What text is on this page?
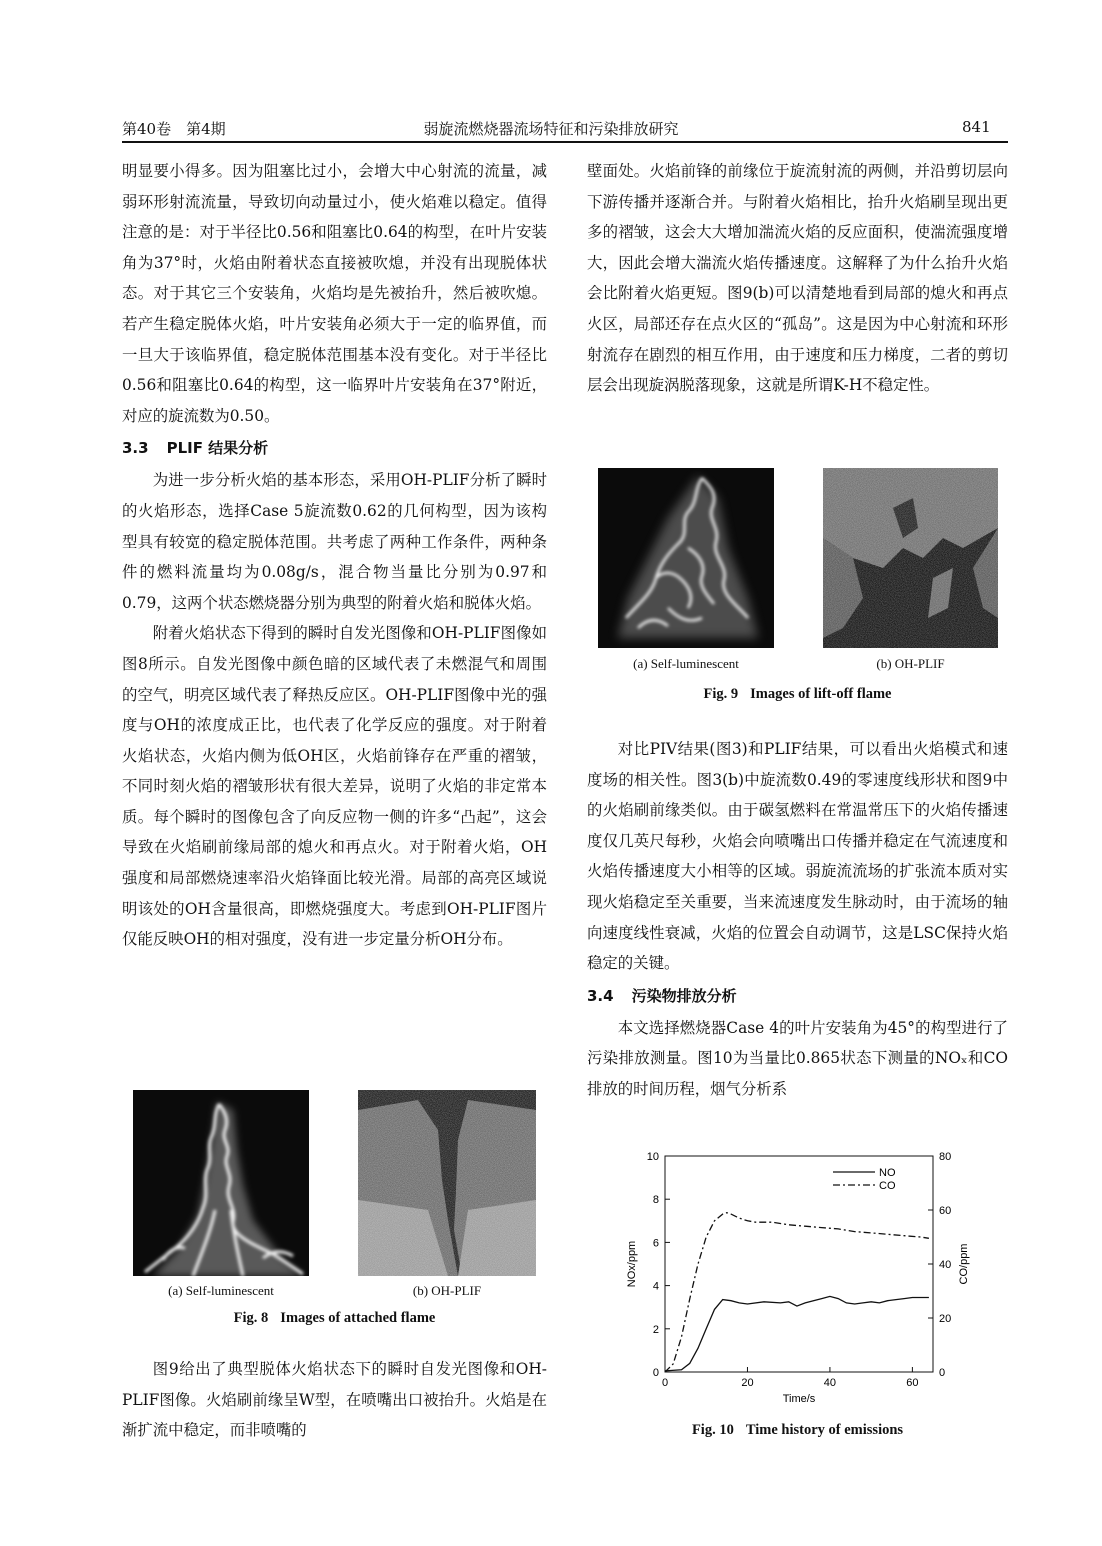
第40卷　第4期	弱旋流燃烧器流场特征和污染排放研究	841

明显要小得多。因为阻塞比过小，会增大中心射流的流量，减弱环形射流流量，导致切向动量过小，使火焰难以稳定。值得注意的是：对于半径比0.56和阻塞比0.64的构型，在叶片安装角为37°时，火焰由附着状态直接被吹熄，并没有出现脱体状态。对于其它三个安装角，火焰均是先被抬升，然后被吹熄。若产生稳定脱体火焰，叶片安装角必须大于一定的临界值，而一旦大于该临界值，稳定脱体范围基本没有变化。对于半径比0.56和阻塞比0.64的构型，这一临界叶片安装角在37°附近，对应的旋流数为0.50。

3.3 PLIF 结果分析

为进一步分析火焰的基本形态，采用OH-PLIF分析了瞬时的火焰形态，选择Case 5旋流数0.62的几何构型，因为该构型具有较宽的稳定脱体范围。共考虑了两种工作条件，两种条件的燃料流量均为0.08g/s，混合物当量比分别为0.97和0.79，这两个状态燃烧器分别为典型的附着火焰和脱体火焰。

附着火焰状态下得到的瞬时自发光图像和OH-PLIF图像如图8所示。自发光图像中颜色暗的区域代表了未燃混气和周围的空气，明亮区域代表了释热反应区。OH-PLIF图像中光的强度与OH的浓度成正比，也代表了化学反应的强度。对于附着火焰状态，火焰内侧为低OH区，火焰前锋存在严重的褶皱，不同时刻火焰的褶皱形状有很大差异，说明了火焰的非定常本质。每个瞬时的图像包含了向反应物一侧的许多“凸起”，这会导致在火焰刷前缘局部的熄火和再点火。对于附着火焰，OH强度和局部燃烧速率沿火焰锋面比较光滑。局部的高亮区域说明该处的OH含量很高，即燃烧强度大。考虑到OH-PLIF图片仅能反映OH的相对强度，没有进一步定量分析OH分布。

图9给出了典型脱体火焰状态下的瞬时自发光图像和OH-PLIF图像。火焰刷前缘呈W型，在喷嘴出口被抬升。火焰是在渐扩流中稳定，而非喷嘴的

壁面处。火焰前锋的前缘位于旋流射流的两侧，并沿剪切层向下游传播并逐渐合并。与附着火焰相比，抬升火焰刷呈现出更多的褶皱，这会大大增加湍流火焰的反应面积，使湍流强度增大，因此会增大湍流火焰传播速度。这解释了为什么抬升火焰会比附着火焰更短。图9(b)可以清楚地看到局部的熄火和再点火区，局部还存在点火区的“孤岛”。这是因为中心射流和环形射流存在剧烈的相互作用，由于速度和压力梯度，二者的剪切层会出现旋涡脱落现象，这就是所谓K-H不稳定性。

对比PIV结果(图3)和PLIF结果，可以看出火焰模式和速度场的相关性。图3(b)中旋流数0.49的零速度线形状和图9中的火焰刷前缘类似。由于碳氢燃料在常温常压下的火焰传播速度仅几英尺每秒，火焰会向喷嘴出口传播并稳定在气流速度和火焰传播速度大小相等的区域。弱旋流流场的扩张流本质对实现火焰稳定至关重要，当来流速度发生脉动时，由于流场的轴向速度线性衰减，火焰的位置会自动调节，这是LSC保持火焰稳定的关键。

3.4 污染物排放分析

本文选择燃烧器Case 4的叶片安装角为45°的构型进行了污染排放测量。图10为当量比0.865状态下测量的NOₓ和CO排放的时间历程，烟气分析系

(a) Self-luminescent	(b) OH-PLIF
Fig. 8 Images of attached flame
(a) Self-luminescent	(b) OH-PLIF
Fig. 9 Images of lift-off flame
0	20	40	60
0
2
4
6
8
10
0
20
40
60
80
NO
CO
NOx/ppm	CO/ppm
Time/s
Fig. 10 Time history of emissions
